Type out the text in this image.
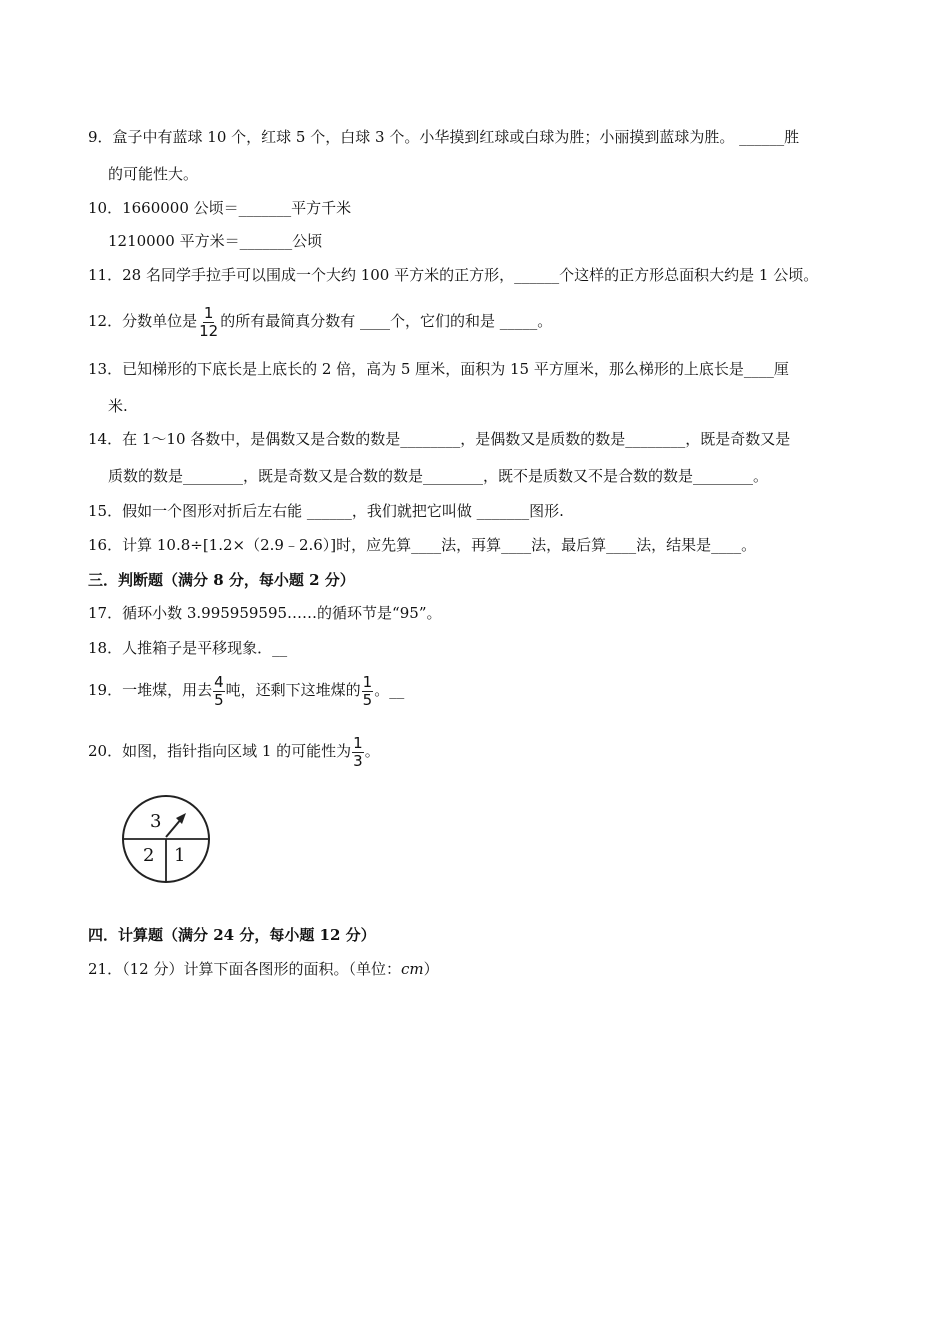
9．盒子中有蓝球 10 个，红球 5 个，白球 3 个。小华摸到红球或白球为胜；小丽摸到蓝球为胜。 ______胜
的可能性大。
10．1660000 公顷＝_______平方千米
1210000 平方米＝_______公顷
11．28 名同学手拉手可以围成一个大约 100 平方米的正方形，______个这样的正方形总面积大约是 1 公顷。
12．分数单位是 $\frac{1}{12}$ 的所有最简真分数有 ____个，它们的和是 _____。
13．已知梯形的下底长是上底长的 2 倍，高为 5 厘米，面积为 15 平方厘米，那么梯形的上底长是____厘
米.
14．在 1～10 各数中，是偶数又是合数的数是________，是偶数又是质数的数是________，既是奇数又是
质数的数是________，既是奇数又是合数的数是________，既不是质数又不是合数的数是________。
15．假如一个图形对折后左右能 ______，我们就把它叫做 _______图形.
16．计算 10.8÷[1.2×（2.9﹣2.6）]时，应先算____法，再算____法，最后算____法，结果是____。
三．判断题（满分 8 分，每小题 2 分）
17．循环小数 3.995959595……的循环节是“95”。
18．人推箱子是平移现象．__
19．一堆煤，用去 $\frac{4}{5}$ 吨，还剩下这堆煤的 $\frac{1}{5}$ 。__
20．如图，指针指向区域 1 的可能性为 $\frac{1}{3}$ 。
3
2 1
四．计算题（满分 24 分，每小题 12 分）
21．（12 分）计算下面各图形的面积。（单位：cm）
